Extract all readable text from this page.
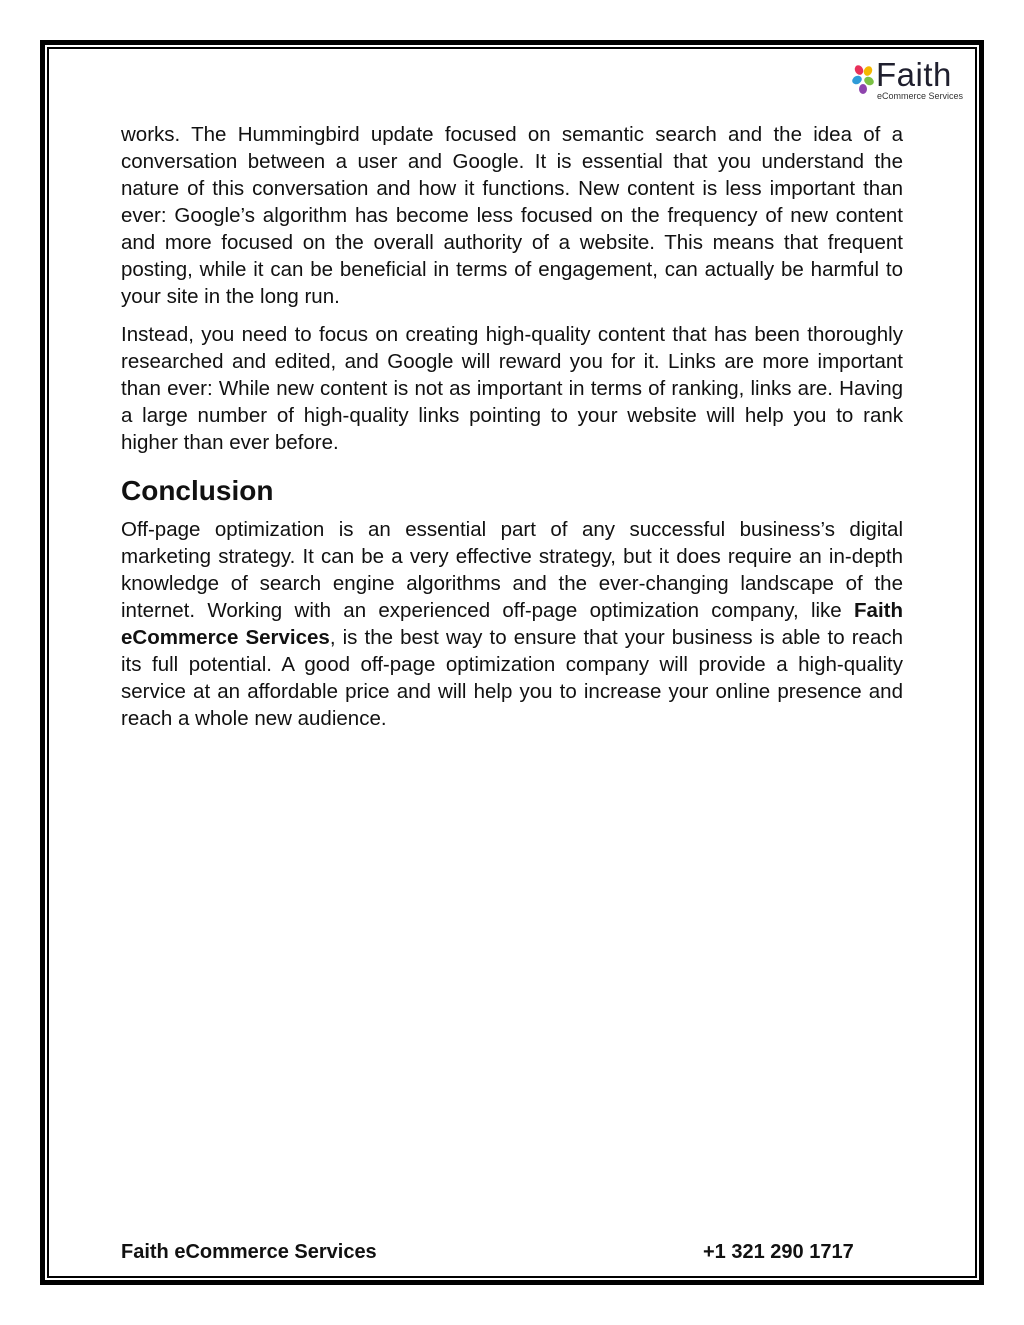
Faith
eCommerce Services

works. The Hummingbird update focused on semantic search and the idea of a conversation between a user and Google. It is essential that you understand the nature of this conversation and how it functions. New content is less important than ever: Google’s algorithm has become less focused on the frequency of new content and more focused on the overall authority of a website. This means that frequent posting, while it can be beneficial in terms of engagement, can actually be harmful to your site in the long run.

Instead, you need to focus on creating high-quality content that has been thoroughly researched and edited, and Google will reward you for it. Links are more important than ever: While new content is not as important in terms of ranking, links are. Having a large number of high-quality links pointing to your website will help you to rank higher than ever before.

Conclusion

Off-page optimization is an essential part of any successful business’s digital marketing strategy. It can be a very effective strategy, but it does require an in-depth knowledge of search engine algorithms and the ever-changing landscape of the internet. Working with an experienced off-page optimization company, like Faith eCommerce Services, is the best way to ensure that your business is able to reach its full potential. A good off-page optimization company will provide a high-quality service at an affordable price and will help you to increase your online presence and reach a whole new audience.

Faith eCommerce Services	+1 321 290 1717
